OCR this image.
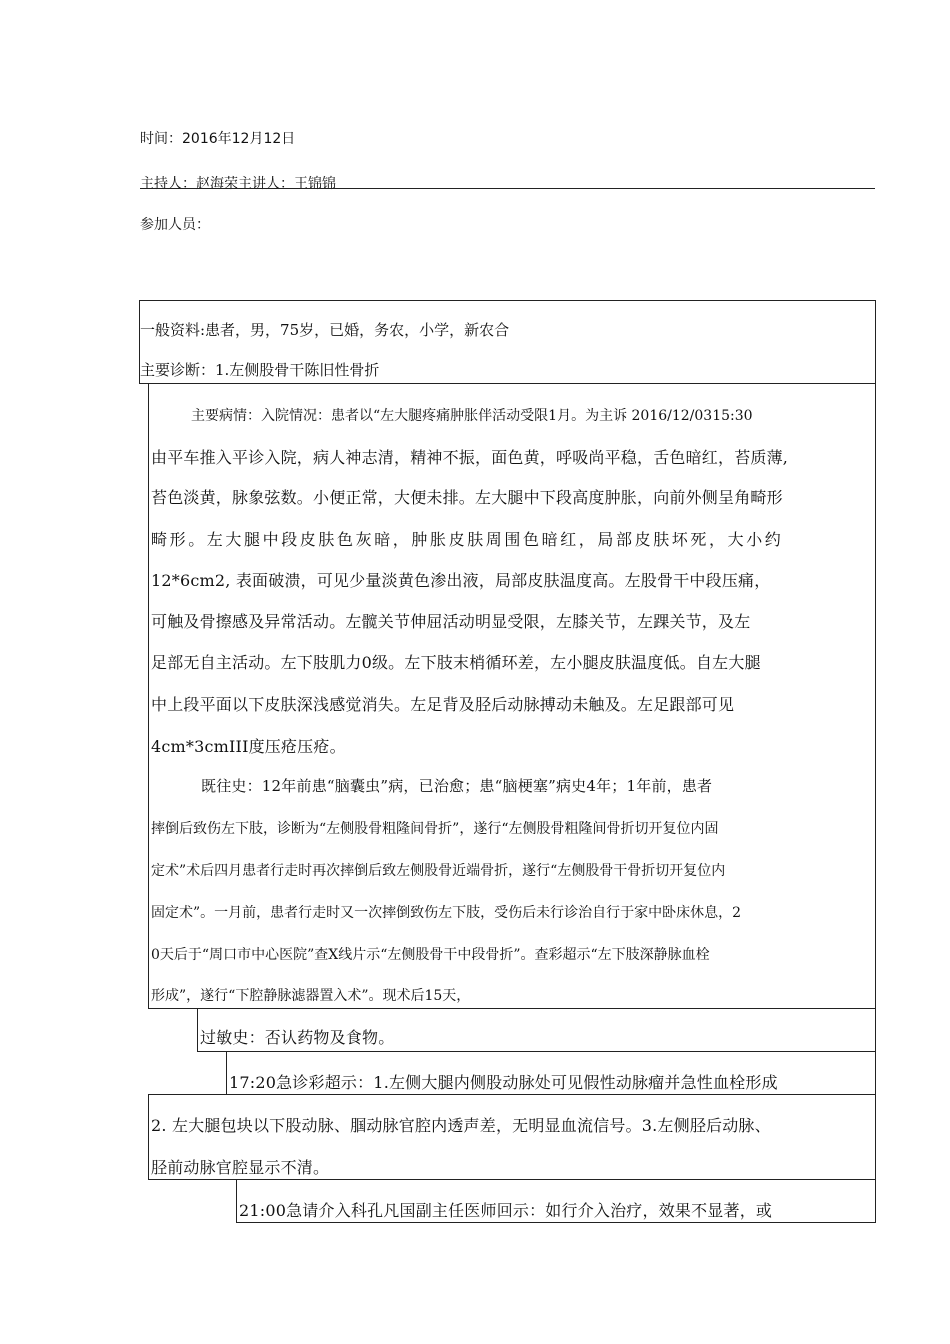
时间：2016年12月12日
主持人：赵海荣主讲人：王锦锦
参加人员：
一般资料:患者，男，75岁，已婚，务农，小学，新农合
主要诊断：1.左侧股骨干陈旧性骨折
主要病情：入院情况：患者以“左大腿疼痛肿胀伴活动受限1月。为主诉 2016/12/0315:30
由平车推入平诊入院，病人神志清，精神不振，面色黄，呼吸尚平稳，舌色暗红，苔质薄,
苔色淡黄，脉象弦数。小便正常，大便未排。左大腿中下段高度肿胀，向前外侧呈角畸形
畸形。左大腿中段皮肤色灰暗，肿胀皮肤周围色暗红，局部皮肤坏死，大小约
12*6cm2, 表面破溃，可见少量淡黄色渗出液，局部皮肤温度高。左股骨干中段压痛，
可触及骨擦感及异常活动。左髋关节伸屈活动明显受限，左膝关节，左踝关节，及左
足部无自主活动。左下肢肌力0级。左下肢末梢循环差，左小腿皮肤温度低。自左大腿
中上段平面以下皮肤深浅感觉消失。左足背及胫后动脉搏动未触及。左足跟部可见
4cm*3cmIII度压疮压疮。
既往史：12年前患“脑囊虫”病，已治愈；患“脑梗塞”病史4年；1年前，患者
摔倒后致伤左下肢，诊断为“左侧股骨粗隆间骨折”，遂行“左侧股骨粗隆间骨折切开复位内固
定术”术后四月患者行走时再次摔倒后致左侧股骨近端骨折，遂行“左侧股骨干骨折切开复位内
固定术”。一月前，患者行走时又一次摔倒致伤左下肢，受伤后未行诊治自行于家中卧床休息，2
0天后于“周口市中心医院”查X线片示“左侧股骨干中段骨折”。查彩超示“左下肢深静脉血栓
形成”，遂行“下腔静脉滤器置入术”。现术后15天，
过敏史：否认药物及食物。
17:20急诊彩超示：1.左侧大腿内侧股动脉处可见假性动脉瘤并急性血栓形成
2. 左大腿包块以下股动脉、腘动脉官腔内透声差，无明显血流信号。3.左侧胫后动脉、
胫前动脉官腔显示不清。
21:00急请介入科孔凡国副主任医师回示：如行介入治疗，效果不显著，或
